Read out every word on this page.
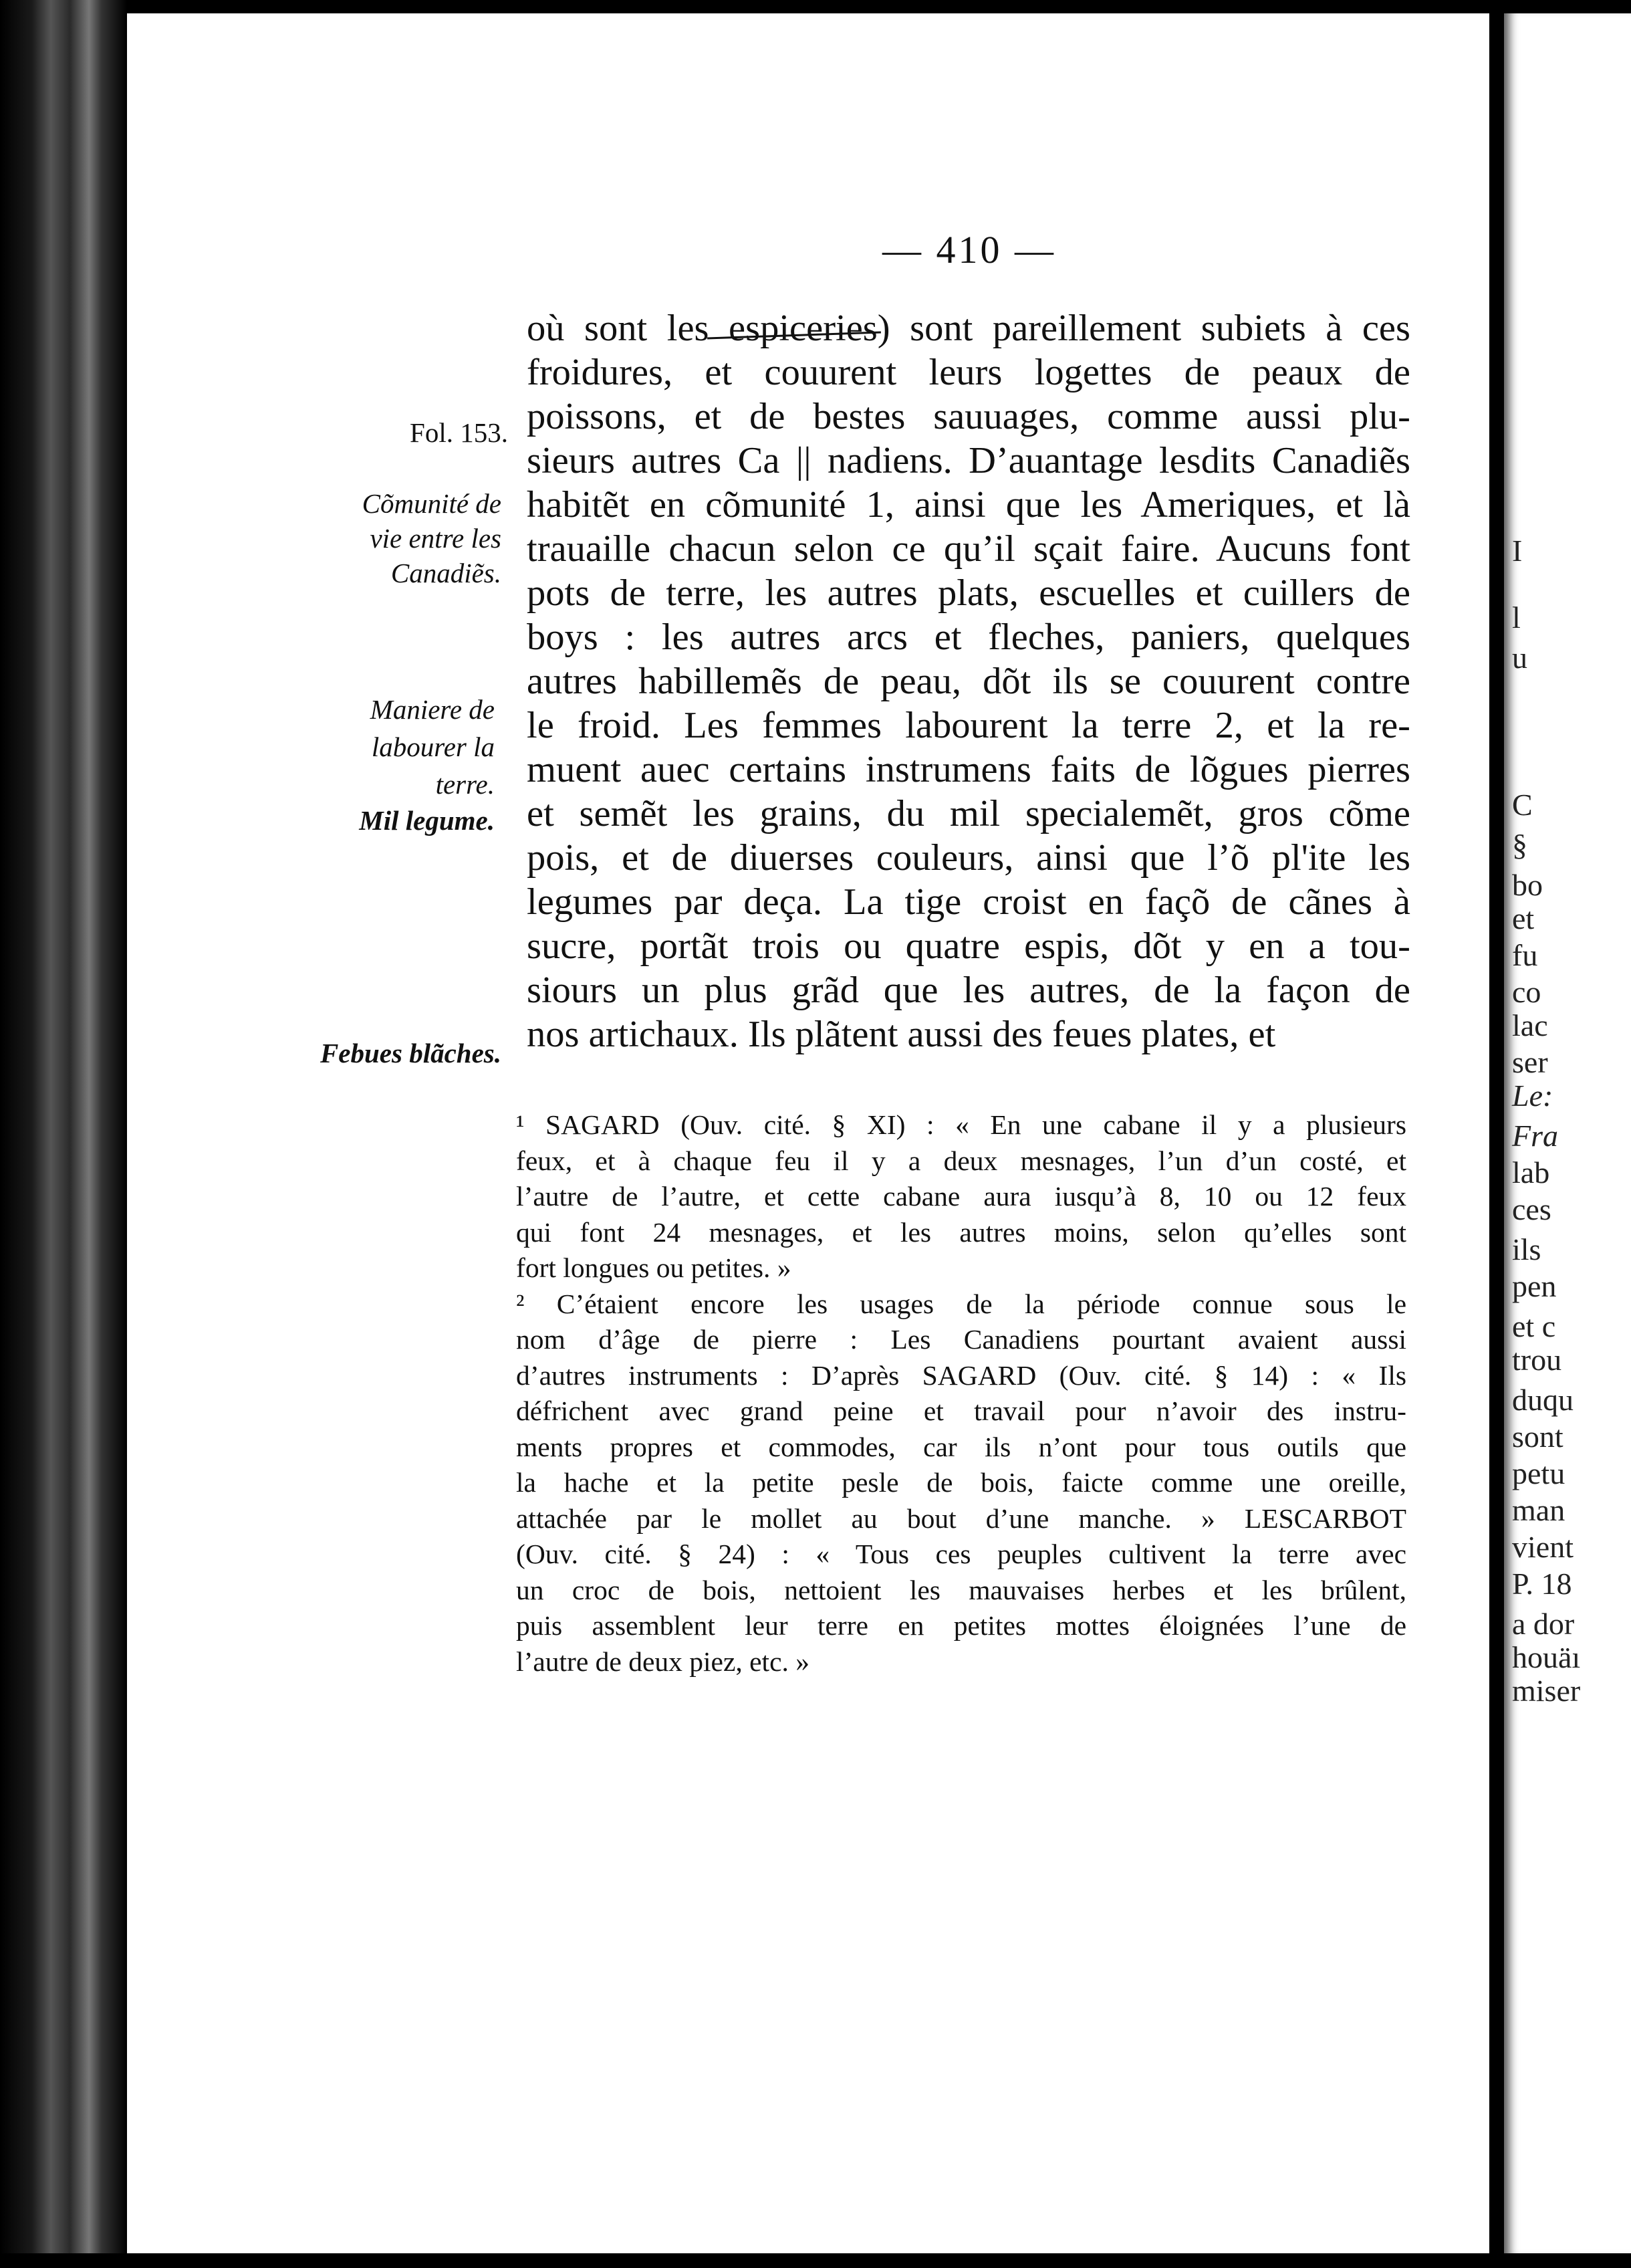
I
l
u
C
§
bo
et
fu
co
lac
ser
Le:
Fra
lab
ces
ils
pen
et c
trou
duqu
sont
petu
man
vient
P. 18
a dor
houäı
miser
— 410 —
où sont les espiceries) sont pareillement subiets à ces
froidures, et couurent leurs logettes de peaux de
poissons, et de bestes sauuages, comme aussi plu-
sieurs autres Ca || nadiens. D’auantage lesdits Canadiẽs
habitẽt en cõmunité 1, ainsi que les Ameriques, et là
trauaille chacun selon ce qu’il sçait faire. Aucuns font
pots de terre, les autres plats, escuelles et cuillers de
boys : les autres arcs et fleches, paniers, quelques
autres habillemẽs de peau, dõt ils se couurent contre
le froid. Les femmes labourent la terre 2, et la re-
muent auec certains instrumens faits de lõgues pierres
et semẽt les grains, du mil specialemẽt, gros cõme
pois, et de diuerses couleurs, ainsi que l’õ pl'ite les
legumes par deça. La tige croist en façõ de cãnes à
sucre, portãt trois ou quatre espis, dõt y en a tou-
siours un plus grãd que les autres, de la façon de
nos artichaux. Ils plãtent aussi des feues plates, et
Fol. 153.
Cõmunité de
vie entre les
Canadiẽs.
Maniere de
labourer la
terre.
Mil legume.
Febues blãches.
¹ SAGARD (Ouv. cité. § XI) : « En une cabane il y a plusieurs
feux, et à chaque feu il y a deux mesnages, l’un d’un costé, et
l’autre de l’autre, et cette cabane aura iusqu’à 8, 10 ou 12 feux
qui font 24 mesnages, et les autres moins, selon qu’elles sont
fort longues ou petites. »
² C’étaient encore les usages de la période connue sous le
nom d’âge de pierre : Les Canadiens pourtant avaient aussi
d’autres instruments : D’après SAGARD (Ouv. cité. § 14) : « Ils
défrichent avec grand peine et travail pour n’avoir des instru-
ments propres et commodes, car ils n’ont pour tous outils que
la hache et la petite pesle de bois, faicte comme une oreille,
attachée par le mollet au bout d’une manche. » LESCARBOT
(Ouv. cité. § 24) : « Tous ces peuples cultivent la terre avec
un croc de bois, nettoient les mauvaises herbes et les brûlent,
puis assemblent leur terre en petites mottes éloignées l’une de
l’autre de deux piez, etc. »
